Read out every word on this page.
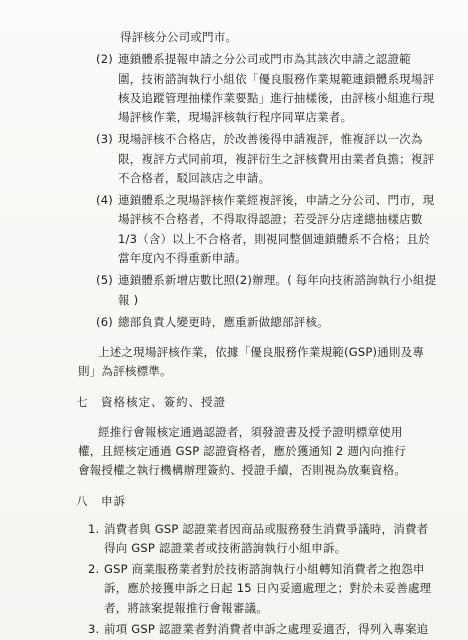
得評核分公司或門市。
(2) 連鎖體系提報申請之分公司或門市為其該次申請之認證範
圍，技術諮詢執行小組依「優良服務作業規範連鎖體系現場評
核及追蹤管理抽樣作業要點」進行抽樣後，由評核小組進行現
場評核作業，現場評核執行程序同單店業者。
(3) 現場評核不合格店，於改善後得申請複評，惟複評以一次為
限，複評方式同前項，複評衍生之評核費用由業者負擔；複評
不合格者，駁回該店之申請。
(4) 連鎖體系之現場評核作業經複評後，申請之分公司、門市，現
場評核不合格者，不得取得認證；若受評分店達總抽樣店數
1/3（含）以上不合格者，則視同整個連鎖體系不合格；且於
當年度內不得重新申請。
(5) 連鎖體系新增店數比照(2)辦理。( 每年向技術諮詢執行小組提
報 )
(6) 總部負責人變更時，應重新做總部評核。
上述之現場評核作業，依據「優良服務作業規範(GSP)通則及專
則」為評核標準。
七　資格核定、簽約、授證
經推行會報核定通過認證者，須發證書及授予證明標章使用
權，且經核定通過 GSP 認證資格者，應於獲通知 2 週內向推行
會報授權之執行機構辦理簽約、授證手續，否則視為放棄資格。
八　申訴
1. 消費者與 GSP 認證業者因商品或服務發生消費爭議時，消費者
得向 GSP 認證業者或技術諮詢執行小組申訴。
2. GSP 商業服務業者對於技術諮詢執行小組轉知消費者之抱怨申
訴，應於接獲申訴之日起 15 日內妥適處理之；對於未妥善處理
者，將該案提報推行會報審議。
3. 前項 GSP 認證業者對消費者申訴之處理妥適否，得列入專案追
